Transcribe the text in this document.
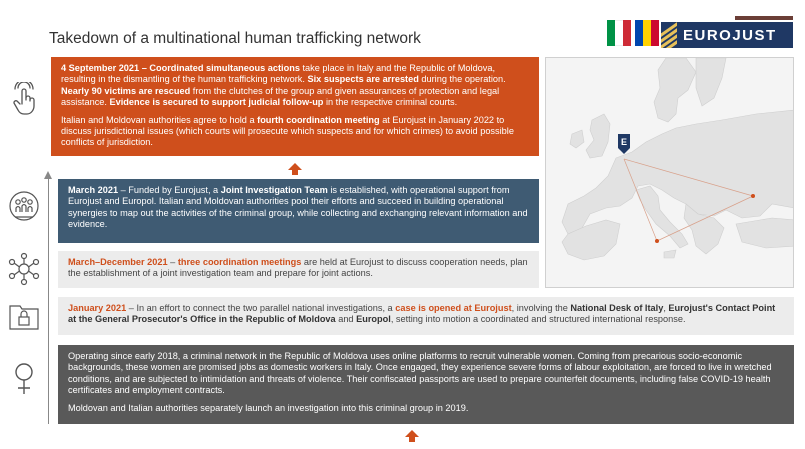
Takedown of a multinational human trafficking network	EUROJUST

4 September 2021 – Coordinated simultaneous actions take place in Italy and the Republic of Moldova, resulting in the dismantling of the human trafficking network. Six suspects are arrested during the operation. Nearly 90 victims are rescued from the clutches of the group and given assurances of protection and legal assistance. Evidence is secured to support judicial follow-up in the respective criminal courts.

Italian and Moldovan authorities agree to hold a fourth coordination meeting at Eurojust in January 2022 to discuss jurisdictional issues (which courts will prosecute which suspects and for which crimes) to avoid possible conflicts of jurisdiction.

March 2021 – Funded by Eurojust, a Joint Investigation Team is established, with operational support from Eurojust and Europol. Italian and Moldovan authorities pool their efforts and succeed in building operational synergies to map out the activities of the criminal group, while collecting and exchanging relevant information and evidence.

March–December 2021 – three coordination meetings are held at Eurojust to discuss cooperation needs, plan the establishment of a joint investigation team and prepare for joint actions.

January 2021 – In an effort to connect the two parallel national investigations, a case is opened at Eurojust, involving the National Desk of Italy, Eurojust's Contact Point at the General Prosecutor's Office in the Republic of Moldova and Europol, setting into motion a coordinated and structured international response.

Operating since early 2018, a criminal network in the Republic of Moldova uses online platforms to recruit vulnerable women. Coming from precarious socio-economic backgrounds, these women are promised jobs as domestic workers in Italy. Once engaged, they experience severe forms of labour exploitation, are forced to live in wretched conditions, and are subjected to intimidation and threats of violence. Their confiscated passports are used to prepare counterfeit documents, including false COVID-19 health certificates and employment contracts.

Moldovan and Italian authorities separately launch an investigation into this criminal group in 2019.

E
